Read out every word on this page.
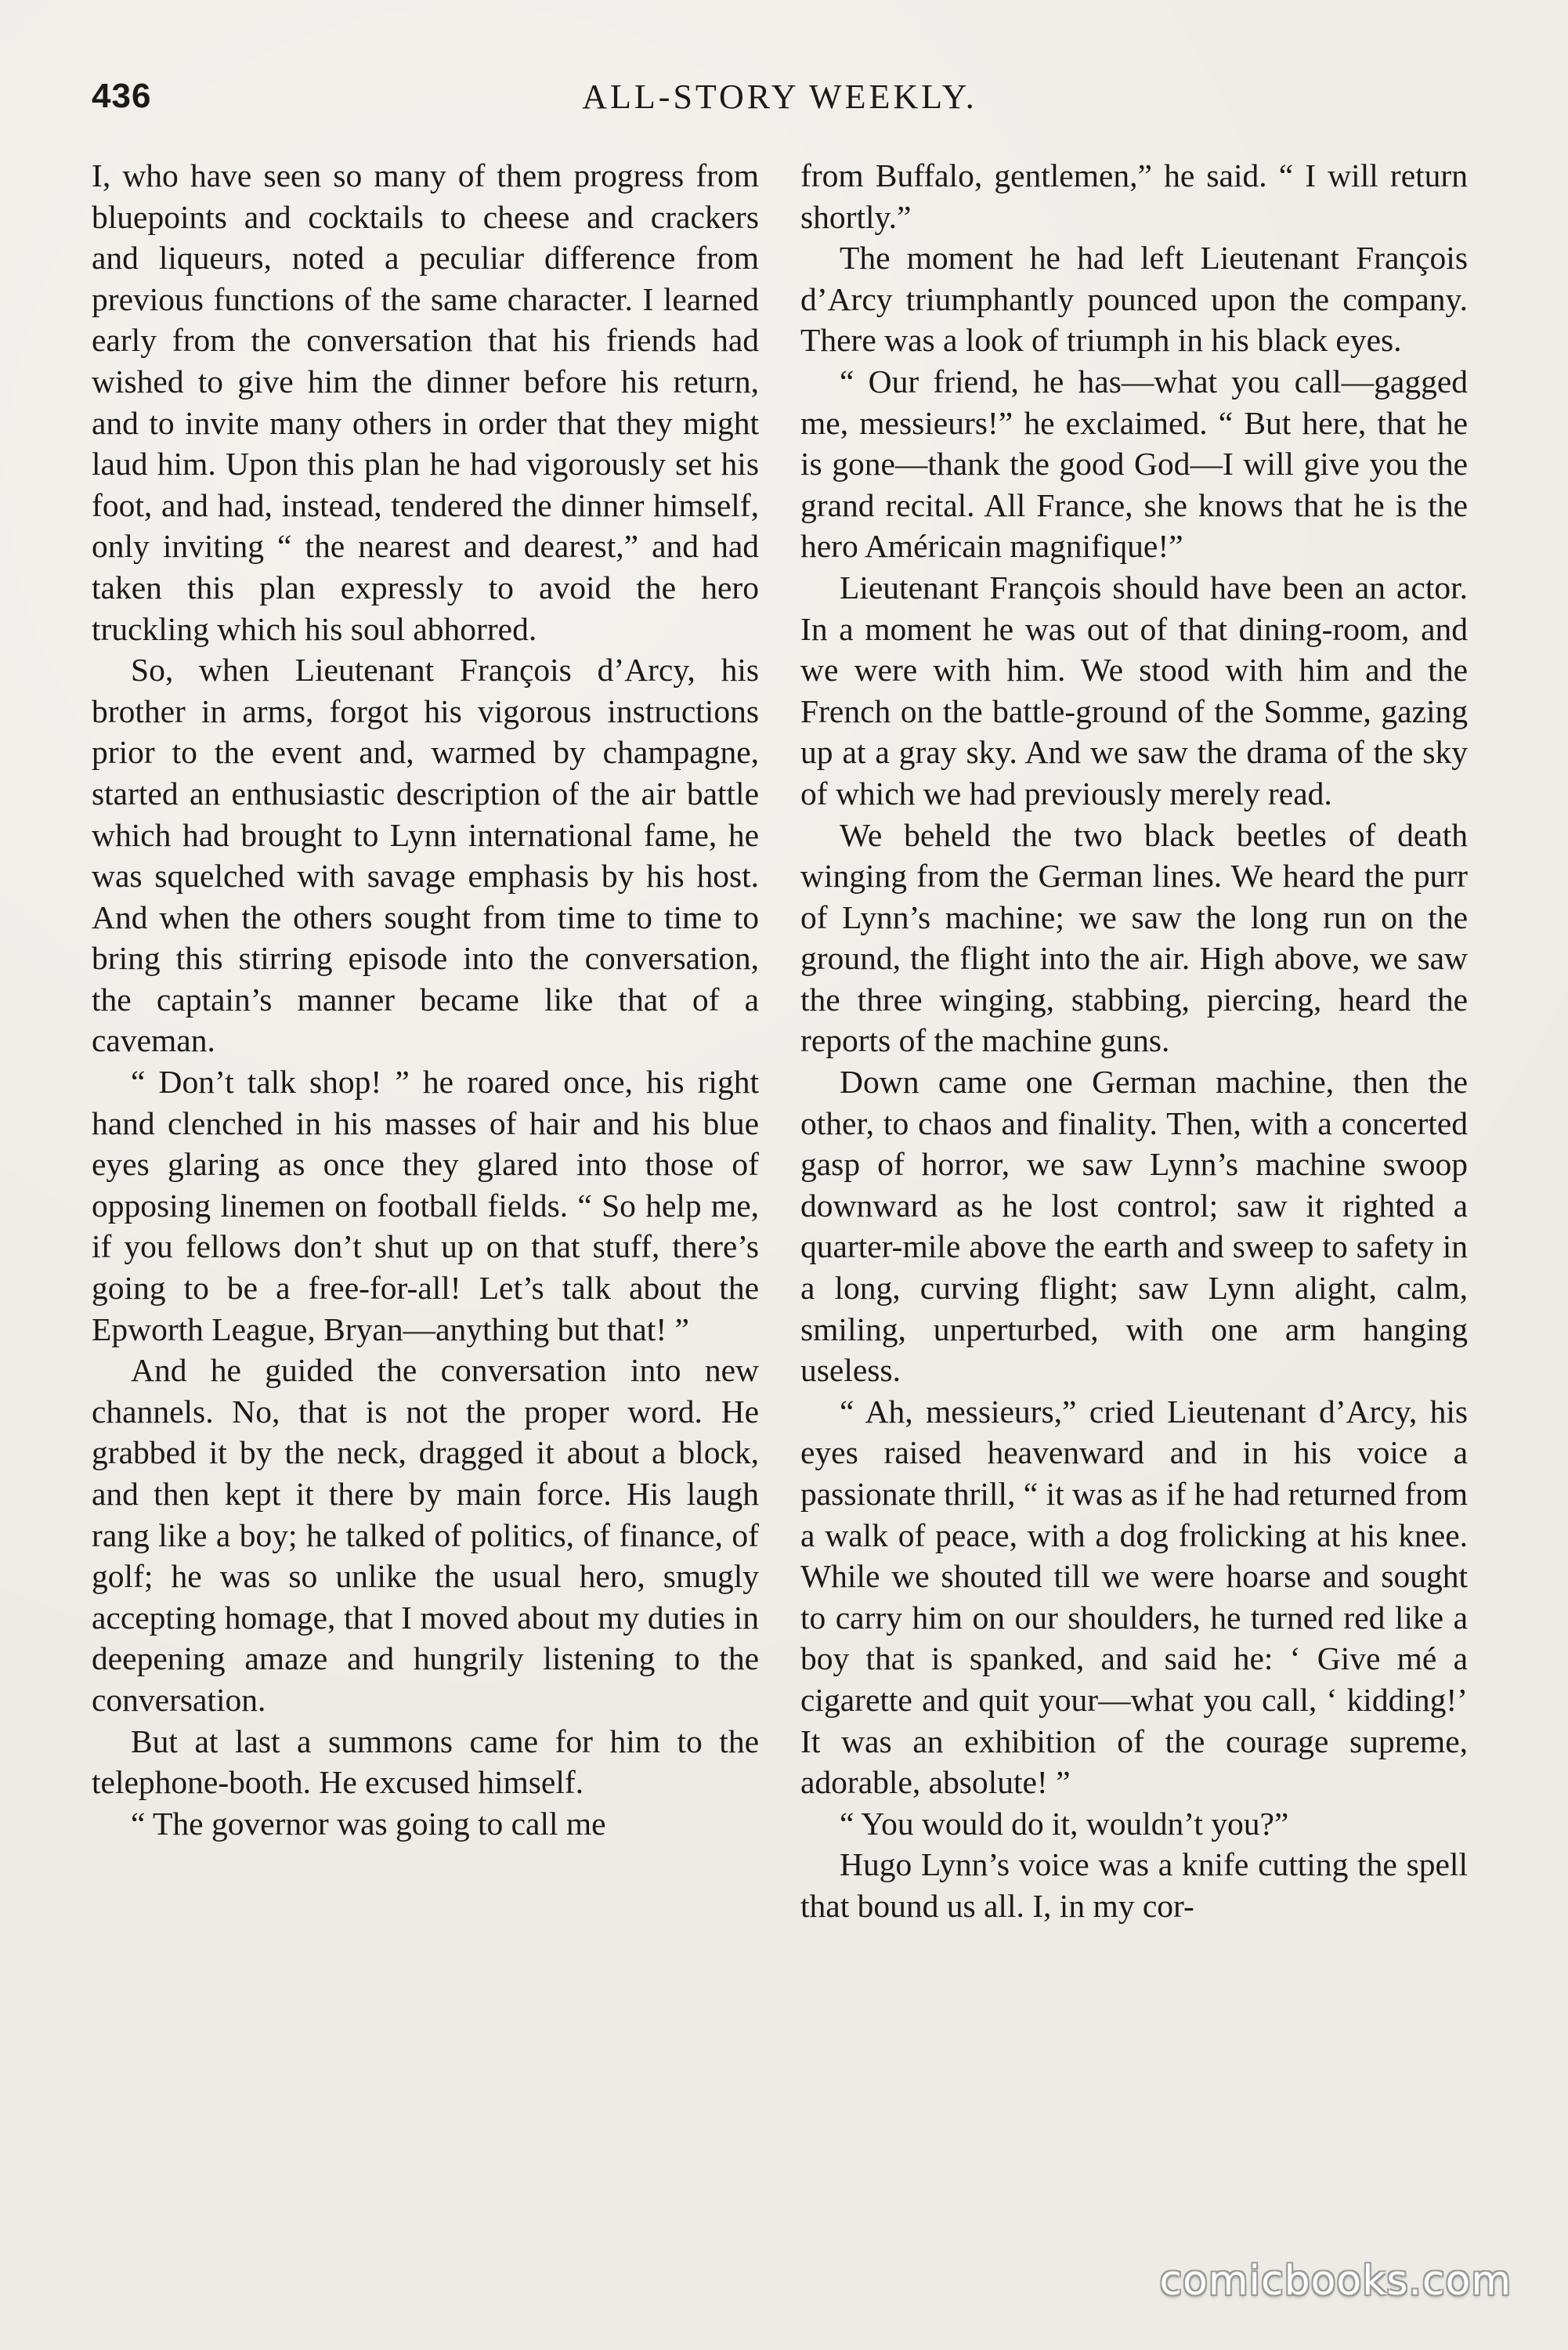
436	ALL-STORY WEEKLY.

I, who have seen so many of them progress from bluepoints and cocktails to cheese and crackers and liqueurs, noted a peculiar difference from previous functions of the same character. I learned early from the conversation that his friends had wished to give him the dinner before his return, and to invite many others in order that they might laud him. Upon this plan he had vigorously set his foot, and had, instead, tendered the dinner himself, only inviting “ the nearest and dearest,” and had taken this plan expressly to avoid the hero truckling which his soul abhorred.

So, when Lieutenant François d’Arcy, his brother in arms, forgot his vigorous instructions prior to the event and, warmed by champagne, started an enthusiastic description of the air battle which had brought to Lynn international fame, he was squelched with savage emphasis by his host. And when the others sought from time to time to bring this stirring episode into the conversation, the captain’s manner became like that of a caveman.

“ Don’t talk shop! ” he roared once, his right hand clenched in his masses of hair and his blue eyes glaring as once they glared into those of opposing linemen on football fields. “ So help me, if you fellows don’t shut up on that stuff, there’s going to be a free-for-all! Let’s talk about the Epworth League, Bryan—anything but that! ”

And he guided the conversation into new channels. No, that is not the proper word. He grabbed it by the neck, dragged it about a block, and then kept it there by main force. His laugh rang like a boy; he talked of politics, of finance, of golf; he was so unlike the usual hero, smugly accepting homage, that I moved about my duties in deepening amaze and hungrily listening to the conversation.

But at last a summons came for him to the telephone-booth. He excused himself.

“ The governor was going to call me

from Buffalo, gentlemen,” he said. “ I will return shortly.”

The moment he had left Lieutenant François d’Arcy triumphantly pounced upon the company. There was a look of triumph in his black eyes.

“ Our friend, he has—what you call—gagged me, messieurs!” he exclaimed. “ But here, that he is gone—thank the good God—I will give you the grand recital. All France, she knows that he is the hero Américain magnifique!”

Lieutenant François should have been an actor. In a moment he was out of that dining-room, and we were with him. We stood with him and the French on the battle-ground of the Somme, gazing up at a gray sky. And we saw the drama of the sky of which we had previously merely read.

We beheld the two black beetles of death winging from the German lines. We heard the purr of Lynn’s machine; we saw the long run on the ground, the flight into the air. High above, we saw the three winging, stabbing, piercing, heard the reports of the machine guns.

Down came one German machine, then the other, to chaos and finality. Then, with a concerted gasp of horror, we saw Lynn’s machine swoop downward as he lost control; saw it righted a quarter-mile above the earth and sweep to safety in a long, curving flight; saw Lynn alight, calm, smiling, unperturbed, with one arm hanging useless.

“ Ah, messieurs,” cried Lieutenant d’Arcy, his eyes raised heavenward and in his voice a passionate thrill, “ it was as if he had returned from a walk of peace, with a dog frolicking at his knee. While we shouted till we were hoarse and sought to carry him on our shoulders, he turned red like a boy that is spanked, and said he: ‘ Give mé a cigarette and quit your—what you call, ‘ kidding!’ It was an exhibition of the courage supreme, adorable, absolute! ”

“ You would do it, wouldn’t you?”

Hugo Lynn’s voice was a knife cutting the spell that bound us all. I, in my cor-

comicbooks.com
